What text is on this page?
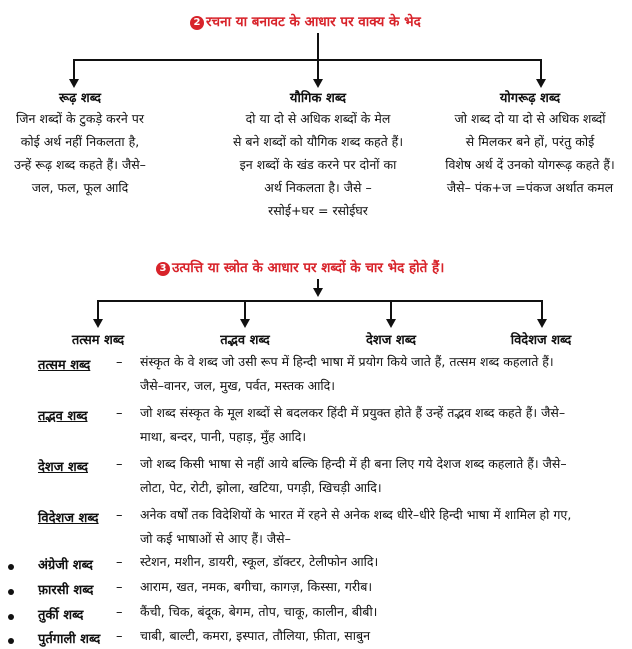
2 रचना या बनावट के आधार पर वाक्य के भेद
रूढ़ शब्द
जिन शब्दों के टुकड़े करने पर
कोई अर्थ नहीं निकलता है,
उन्हें रूढ़ शब्द कहते हैं। जैसे–
जल, फल, फूल आदि
यौगिक शब्द
दो या दो से अधिक शब्दों के मेल
से बने शब्दों को यौगिक शब्द कहते हैं।
इन शब्दों के खंड करने पर दोनों का
अर्थ निकलता है। जैसे –
रसोई+घर = रसोईघर
योगरूढ़ शब्द
जो शब्द दो या दो से अधिक शब्दों
से मिलकर बने हों, परंतु कोई
विशेष अर्थ दें उनको योगरूढ़ कहते हैं।
जैसे– पंक+ज =पंकज अर्थात कमल
3 उत्पत्ति या स्त्रोत के आधार पर शब्दों के चार भेद होते हैं।
तत्सम शब्द	तद्भव शब्द	देशज शब्द	विदेशज शब्द
तत्सम शब्द – संस्कृत के वे शब्द जो उसी रूप में हिन्दी भाषा में प्रयोग किये जाते हैं, तत्सम शब्द कहलाते हैं।
जैसे–वानर, जल, मुख, पर्वत, मस्तक आदि।
तद्भव शब्द – जो शब्द संस्कृत के मूल शब्दों से बदलकर हिंदी में प्रयुक्त होते हैं उन्हें तद्भव शब्द कहते हैं। जैसे–
माथा, बन्दर, पानी, पहाड़, मुँह आदि।
देशज शब्द – जो शब्द किसी भाषा से नहीं आये बल्कि हिन्दी में ही बना लिए गये देशज शब्द कहलाते हैं। जैसे–
लोटा, पेट, रोटी, झोला, खटिया, पगड़ी, खिचड़ी आदि।
विदेशज शब्द – अनेक वर्षों तक विदेशियों के भारत में रहने से अनेक शब्द धीरे–धीरे हिन्दी भाषा में शामिल हो गए,
जो कई भाषाओं से आए हैं। जैसे–
अंग्रेजी शब्द – स्टेशन, मशीन, डायरी, स्कूल, डॉक्टर, टेलीफोन आदि।
फ़ारसी शब्द – आराम, खत, नमक, बगीचा, कागज़, किस्सा, गरीब।
तुर्की शब्द	– कैंची, चिक, बंदूक, बेगम, तोप, चाकू, कालीन, बीबी।
पुर्तगाली शब्द – चाबी, बाल्टी, कमरा, इस्पात, तौलिया, फ़ीता, साबुन
